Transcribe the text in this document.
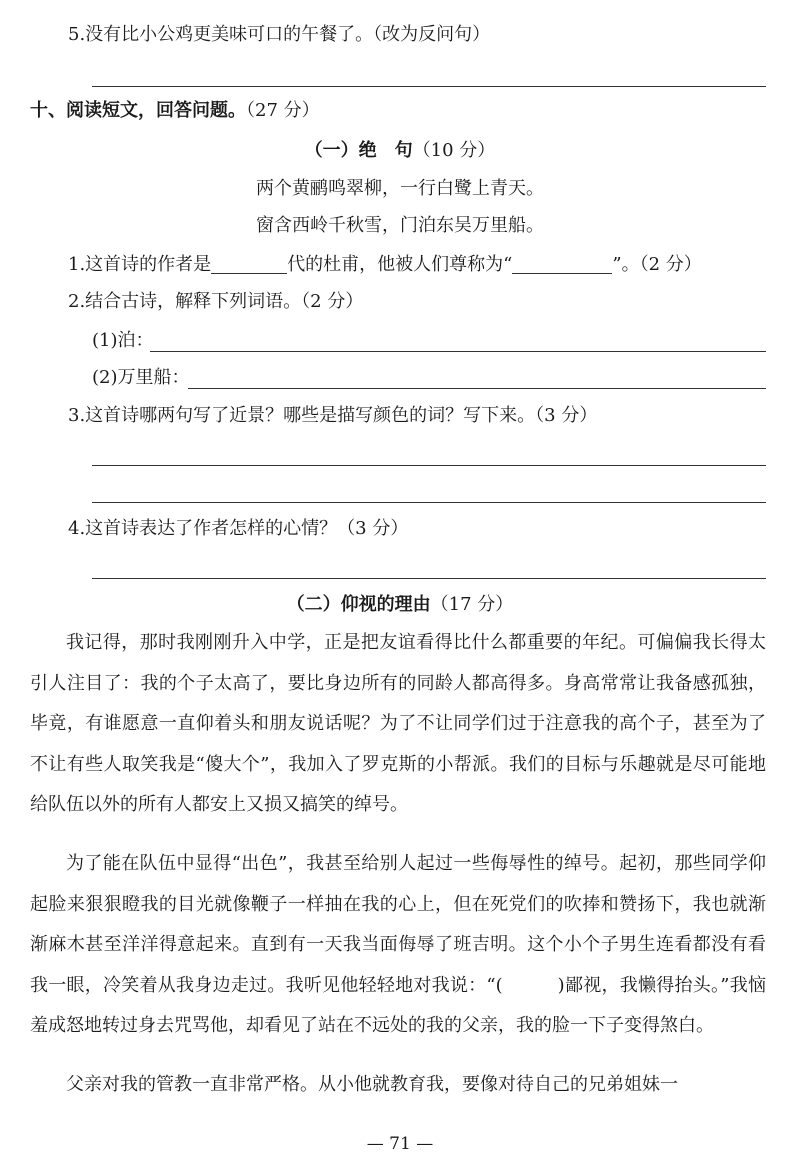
5.没有比小公鸡更美味可口的午餐了。（改为反问句）
十、阅读短文，回答问题。（27 分）
（一）绝　句（10 分）
两个黄鹂鸣翠柳，一行白鹭上青天。
窗含西岭千秋雪，门泊东吴万里船。
1.这首诗的作者是	代的杜甫，他被人们尊称为“	”。（2 分）
2.结合古诗，解释下列词语。（2 分）
(1)泊：
(2)万里船：
3.这首诗哪两句写了近景？哪些是描写颜色的词？写下来。（3 分）
4.这首诗表达了作者怎样的心情？（3 分）
（二）仰视的理由（17 分）

我记得，那时我刚刚升入中学，正是把友谊看得比什么都重要的年纪。可偏偏我长得太引人注目了：我的个子太高了，要比身边所有的同龄人都高得多。身高常常让我备感孤独，毕竟，有谁愿意一直仰着头和朋友说话呢？为了不让同学们过于注意我的高个子，甚至为了不让有些人取笑我是“傻大个”，我加入了罗克斯的小帮派。我们的目标与乐趣就是尽可能地给队伍以外的所有人都安上又损又搞笑的绰号。

为了能在队伍中显得“出色”，我甚至给别人起过一些侮辱性的绰号。起初，那些同学仰起脸来狠狠瞪我的目光就像鞭子一样抽在我的心上，但在死党们的吹捧和赞扬下，我也就渐渐麻木甚至洋洋得意起来。直到有一天我当面侮辱了班吉明。这个小个子男生连看都没有看我一眼，冷笑着从我身边走过。我听见他轻轻地对我说：“(　　　)鄙视，我懒得抬头。”我恼羞成怒地转过身去咒骂他，却看见了站在不远处的我的父亲，我的脸一下子变得煞白。

父亲对我的管教一直非常严格。从小他就教育我，要像对待自己的兄弟姐妹一

— 71 —
